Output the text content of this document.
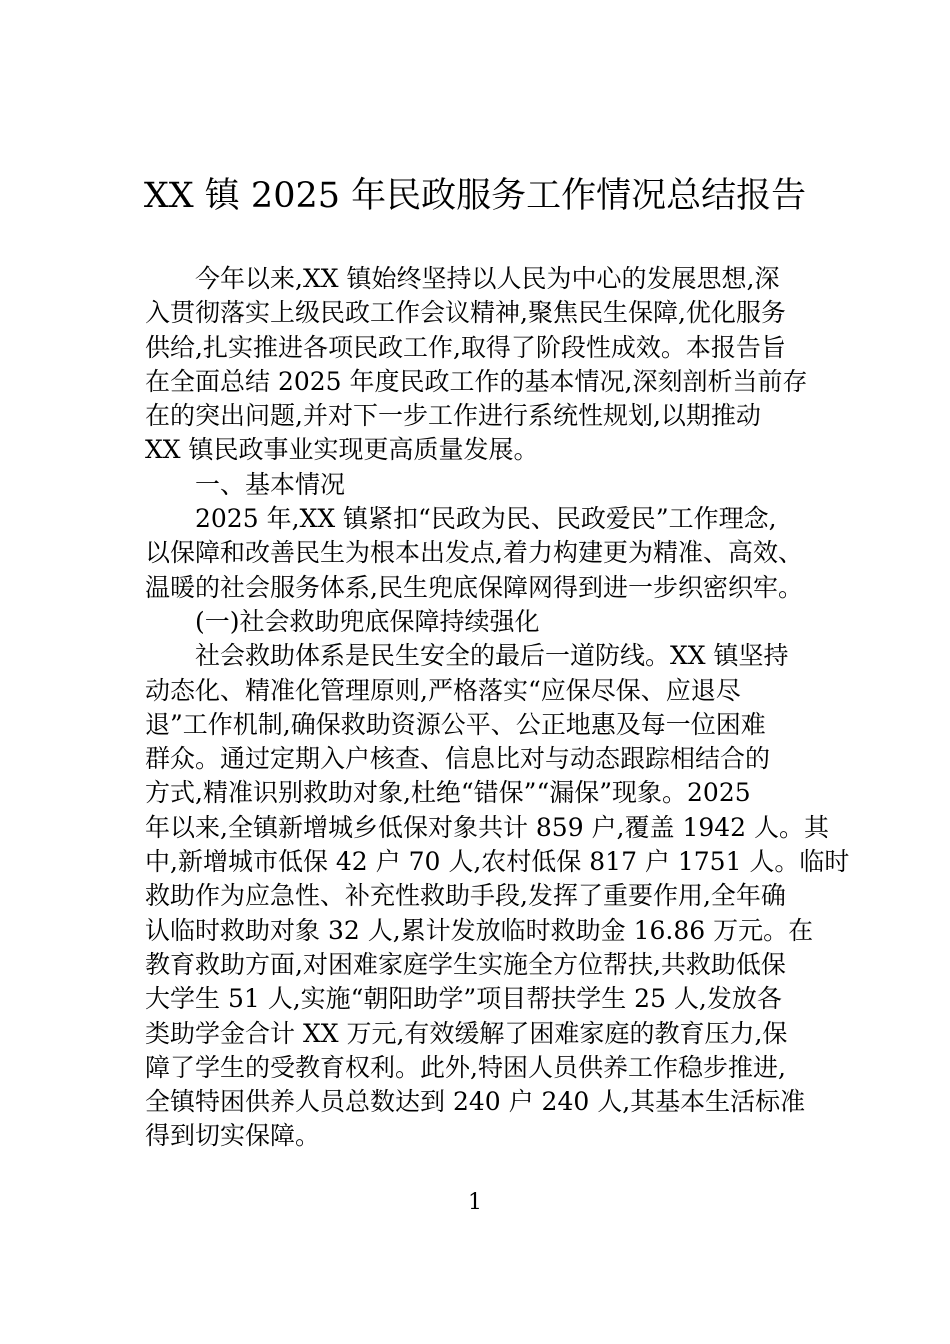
XX 镇 2025 年民政服务工作情况总结报告
今年以来,XX 镇始终坚持以人民为中心的发展思想,深
入贯彻落实上级民政工作会议精神,聚焦民生保障,优化服务
供给,扎实推进各项民政工作,取得了阶段性成效。本报告旨
在全面总结 2025 年度民政工作的基本情况,深刻剖析当前存
在的突出问题,并对下一步工作进行系统性规划,以期推动
XX 镇民政事业实现更高质量发展。
一、基本情况
2025 年,XX 镇紧扣“民政为民、民政爱民”工作理念,
以保障和改善民生为根本出发点,着力构建更为精准、高效、
温暖的社会服务体系,民生兜底保障网得到进一步织密织牢。
(一)社会救助兜底保障持续强化
社会救助体系是民生安全的最后一道防线。XX 镇坚持
动态化、精准化管理原则,严格落实“应保尽保、应退尽
退”工作机制,确保救助资源公平、公正地惠及每一位困难
群众。通过定期入户核查、信息比对与动态跟踪相结合的
方式,精准识别救助对象,杜绝“错保”“漏保”现象。2025
年以来,全镇新增城乡低保对象共计 859 户,覆盖 1942 人。其
中,新增城市低保 42 户 70 人,农村低保 817 户 1751 人。临时
救助作为应急性、补充性救助手段,发挥了重要作用,全年确
认临时救助对象 32 人,累计发放临时救助金 16.86 万元。在
教育救助方面,对困难家庭学生实施全方位帮扶,共救助低保
大学生 51 人,实施“朝阳助学”项目帮扶学生 25 人,发放各
类助学金合计 XX 万元,有效缓解了困难家庭的教育压力,保
障了学生的受教育权利。此外,特困人员供养工作稳步推进,
全镇特困供养人员总数达到 240 户 240 人,其基本生活标准
得到切实保障。
1
